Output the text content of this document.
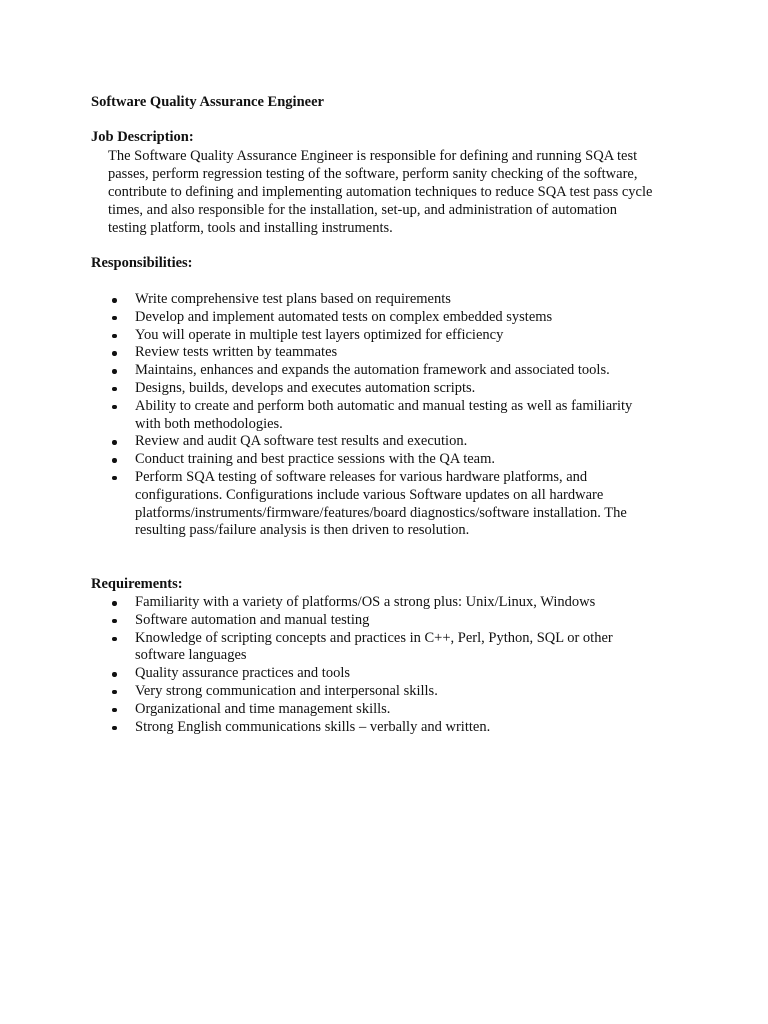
Software Quality Assurance Engineer
Job Description:
The Software Quality Assurance Engineer is responsible for defining and running SQA test
passes, perform regression testing of the software, perform sanity checking of the software,
contribute to defining and implementing automation techniques to reduce SQA test pass cycle
times, and also responsible for the installation, set-up, and administration of automation
testing platform, tools and installing instruments.
Responsibilities:
Write comprehensive test plans based on requirements
Develop and implement automated tests on complex embedded systems
You will operate in multiple test layers optimized for efficiency
Review tests written by teammates
Maintains, enhances and expands the automation framework and associated tools.
Designs, builds, develops and executes automation scripts.
Ability to create and perform both automatic and manual testing as well as familiarity
with both methodologies.
Review and audit QA software test results and execution.
Conduct training and best practice sessions with the QA team.
Perform SQA testing of software releases for various hardware platforms, and
configurations. Configurations include various Software updates on all hardware
platforms/instruments/firmware/features/board diagnostics/software installation. The
resulting pass/failure analysis is then driven to resolution.
Requirements:
Familiarity with a variety of platforms/OS a strong plus: Unix/Linux, Windows
Software automation and manual testing
Knowledge of scripting concepts and practices in C++, Perl, Python, SQL or other
software languages
Quality assurance practices and tools
Very strong communication and interpersonal skills.
Organizational and time management skills.
Strong English communications skills – verbally and written.
